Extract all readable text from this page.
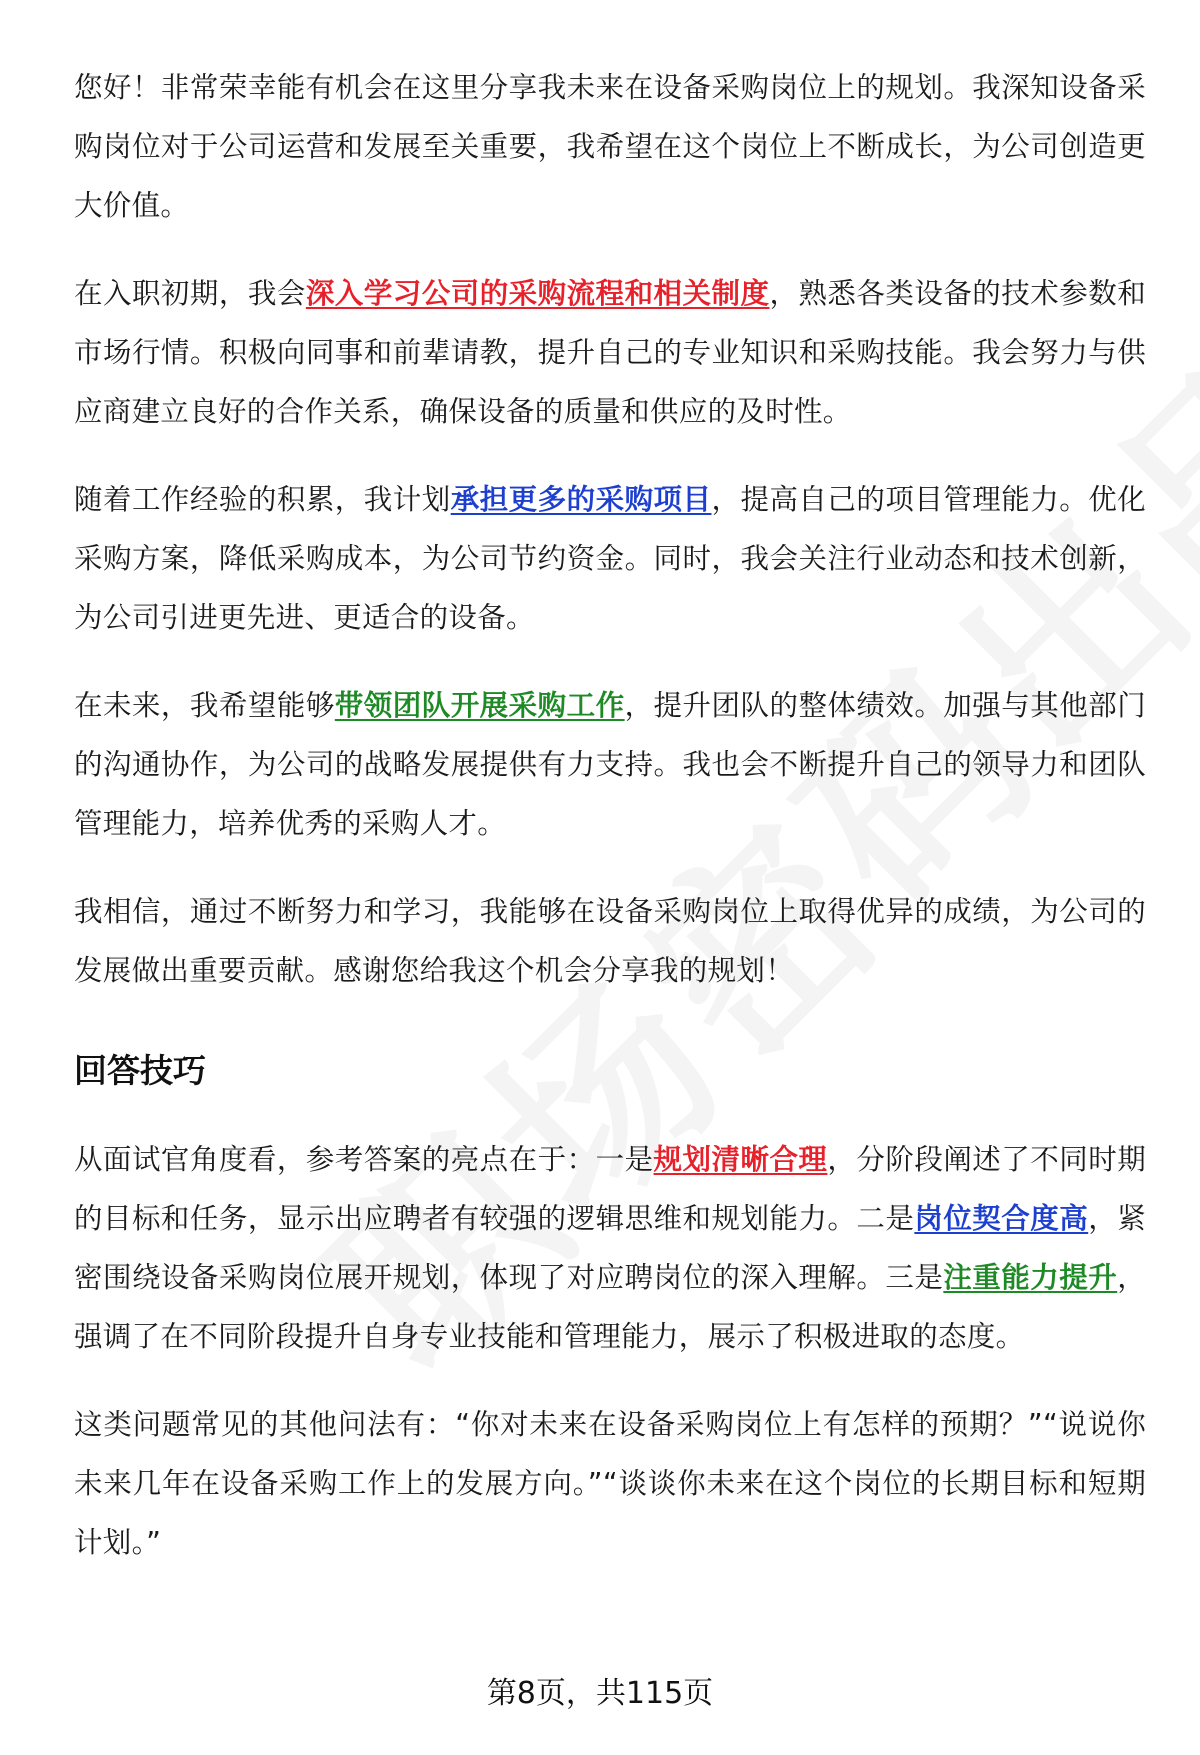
您好！非常荣幸能有机会在这里分享我未来在设备采购岗位上的规划。我深知设备采购岗位对于公司运营和发展至关重要，我希望在这个岗位上不断成长，为公司创造更大价值。

在入职初期，我会深入学习公司的采购流程和相关制度，熟悉各类设备的技术参数和市场行情。积极向同事和前辈请教，提升自己的专业知识和采购技能。我会努力与供应商建立良好的合作关系，确保设备的质量和供应的及时性。

随着工作经验的积累，我计划承担更多的采购项目，提高自己的项目管理能力。优化采购方案，降低采购成本，为公司节约资金。同时，我会关注行业动态和技术创新，为公司引进更先进、更适合的设备。

在未来，我希望能够带领团队开展采购工作，提升团队的整体绩效。加强与其他部门的沟通协作，为公司的战略发展提供有力支持。我也会不断提升自己的领导力和团队管理能力，培养优秀的采购人才。

我相信，通过不断努力和学习，我能够在设备采购岗位上取得优异的成绩，为公司的发展做出重要贡献。感谢您给我这个机会分享我的规划！

回答技巧

从面试官角度看，参考答案的亮点在于：一是规划清晰合理，分阶段阐述了不同时期的目标和任务，显示出应聘者有较强的逻辑思维和规划能力。二是岗位契合度高，紧密围绕设备采购岗位展开规划，体现了对应聘岗位的深入理解。三是注重能力提升，强调了在不同阶段提升自身专业技能和管理能力，展示了积极进取的态度。

这类问题常见的其他问法有：“你对未来在设备采购岗位上有怎样的预期？”“说说你未来几年在设备采购工作上的发展方向。”“谈谈你未来在这个岗位的长期目标和短期计划。”

第8页，共115页
